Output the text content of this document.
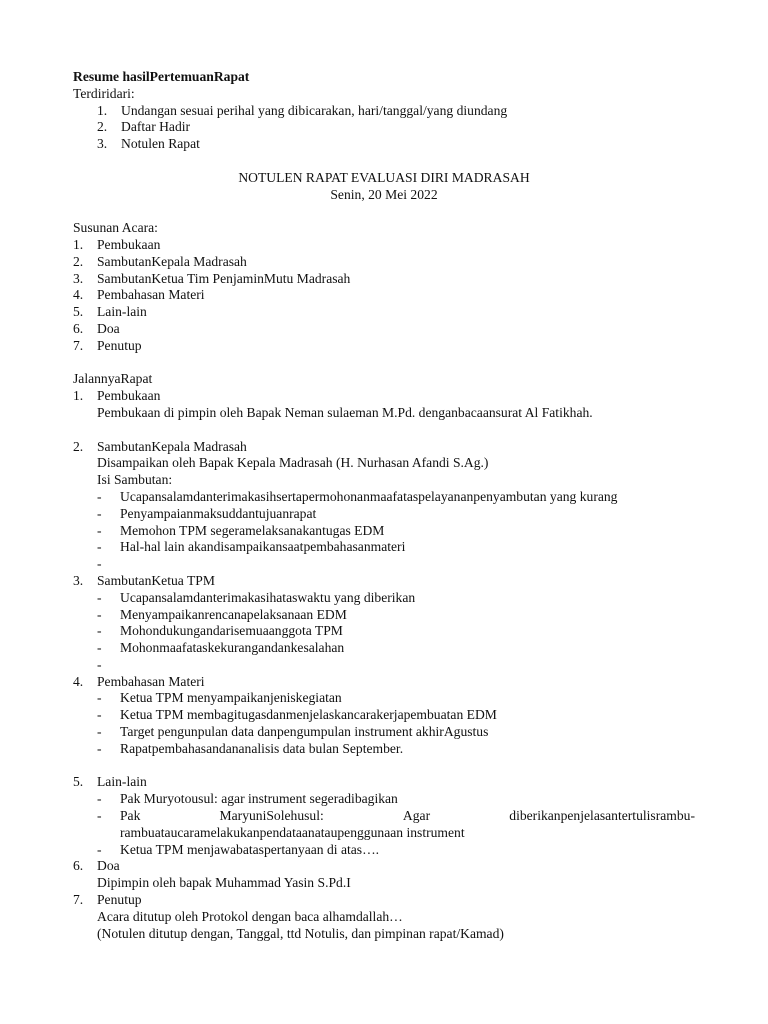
Resume hasilPertemuanRapat
Terdiridari:
1.	Undangan sesuai perihal yang dibicarakan, hari/tanggal/yang diundang
2.	Daftar Hadir
3.	Notulen Rapat
NOTULEN RAPAT EVALUASI DIRI MADRASAH
Senin, 20 Mei 2022
Susunan Acara:
1.	Pembukaan
2.	SambutanKepala Madrasah
3.	SambutanKetua Tim PenjaminMutu Madrasah
4.	Pembahasan Materi
5.	Lain-lain
6.	Doa
7.	Penutup
JalannyaRapat
1.	Pembukaan
Pembukaan di pimpin oleh Bapak Neman sulaeman M.Pd. denganbacaansurat Al Fatikhah.
2.	SambutanKepala Madrasah
Disampaikan oleh Bapak Kepala Madrasah (H. Nurhasan Afandi S.Ag.)
Isi Sambutan:
-	Ucapansalamdanterimakasihsertapermohonanmaafataspelayananpenyambutan yang kurang
-	Penyampaianmaksuddantujuanrapat
-	Memohon TPM segeramelaksanakantugas EDM
-	Hal-hal lain akandisampaikansaatpembahasanmateri
-
3.	SambutanKetua TPM
-	Ucapansalamdanterimakasihataswaktu yang diberikan
-	Menyampaikanrencanapelaksanaan EDM
-	Mohondukungandarisemuaanggota TPM
-	Mohonmaafataskekurangandankesalahan
-
4.	Pembahasan Materi
-	Ketua TPM menyampaikanjeniskegiatan
-	Ketua TPM membagitugasdanmenjelaskancarakerjapembuatan EDM
-	Target pengunpulan data danpengumpulan instrument akhirAgustus
-	Rapatpembahasandananalisis data bulan September.
5.	Lain-lain
-	Pak Muryotousul: agar instrument segeradibagikan
-	Pak	MaryuniSolehusul:	Agar	diberikanpenjelasantertulisrambu-
rambuataucaramelakukanpendataanataupenggunaan instrument
-	Ketua TPM menjawabataspertanyaan di atas….
6.	Doa
Dipimpin oleh bapak Muhammad Yasin S.Pd.I
7.	Penutup
Acara ditutup oleh Protokol dengan baca alhamdallah…
(Notulen ditutup dengan, Tanggal, ttd Notulis, dan pimpinan rapat/Kamad)
